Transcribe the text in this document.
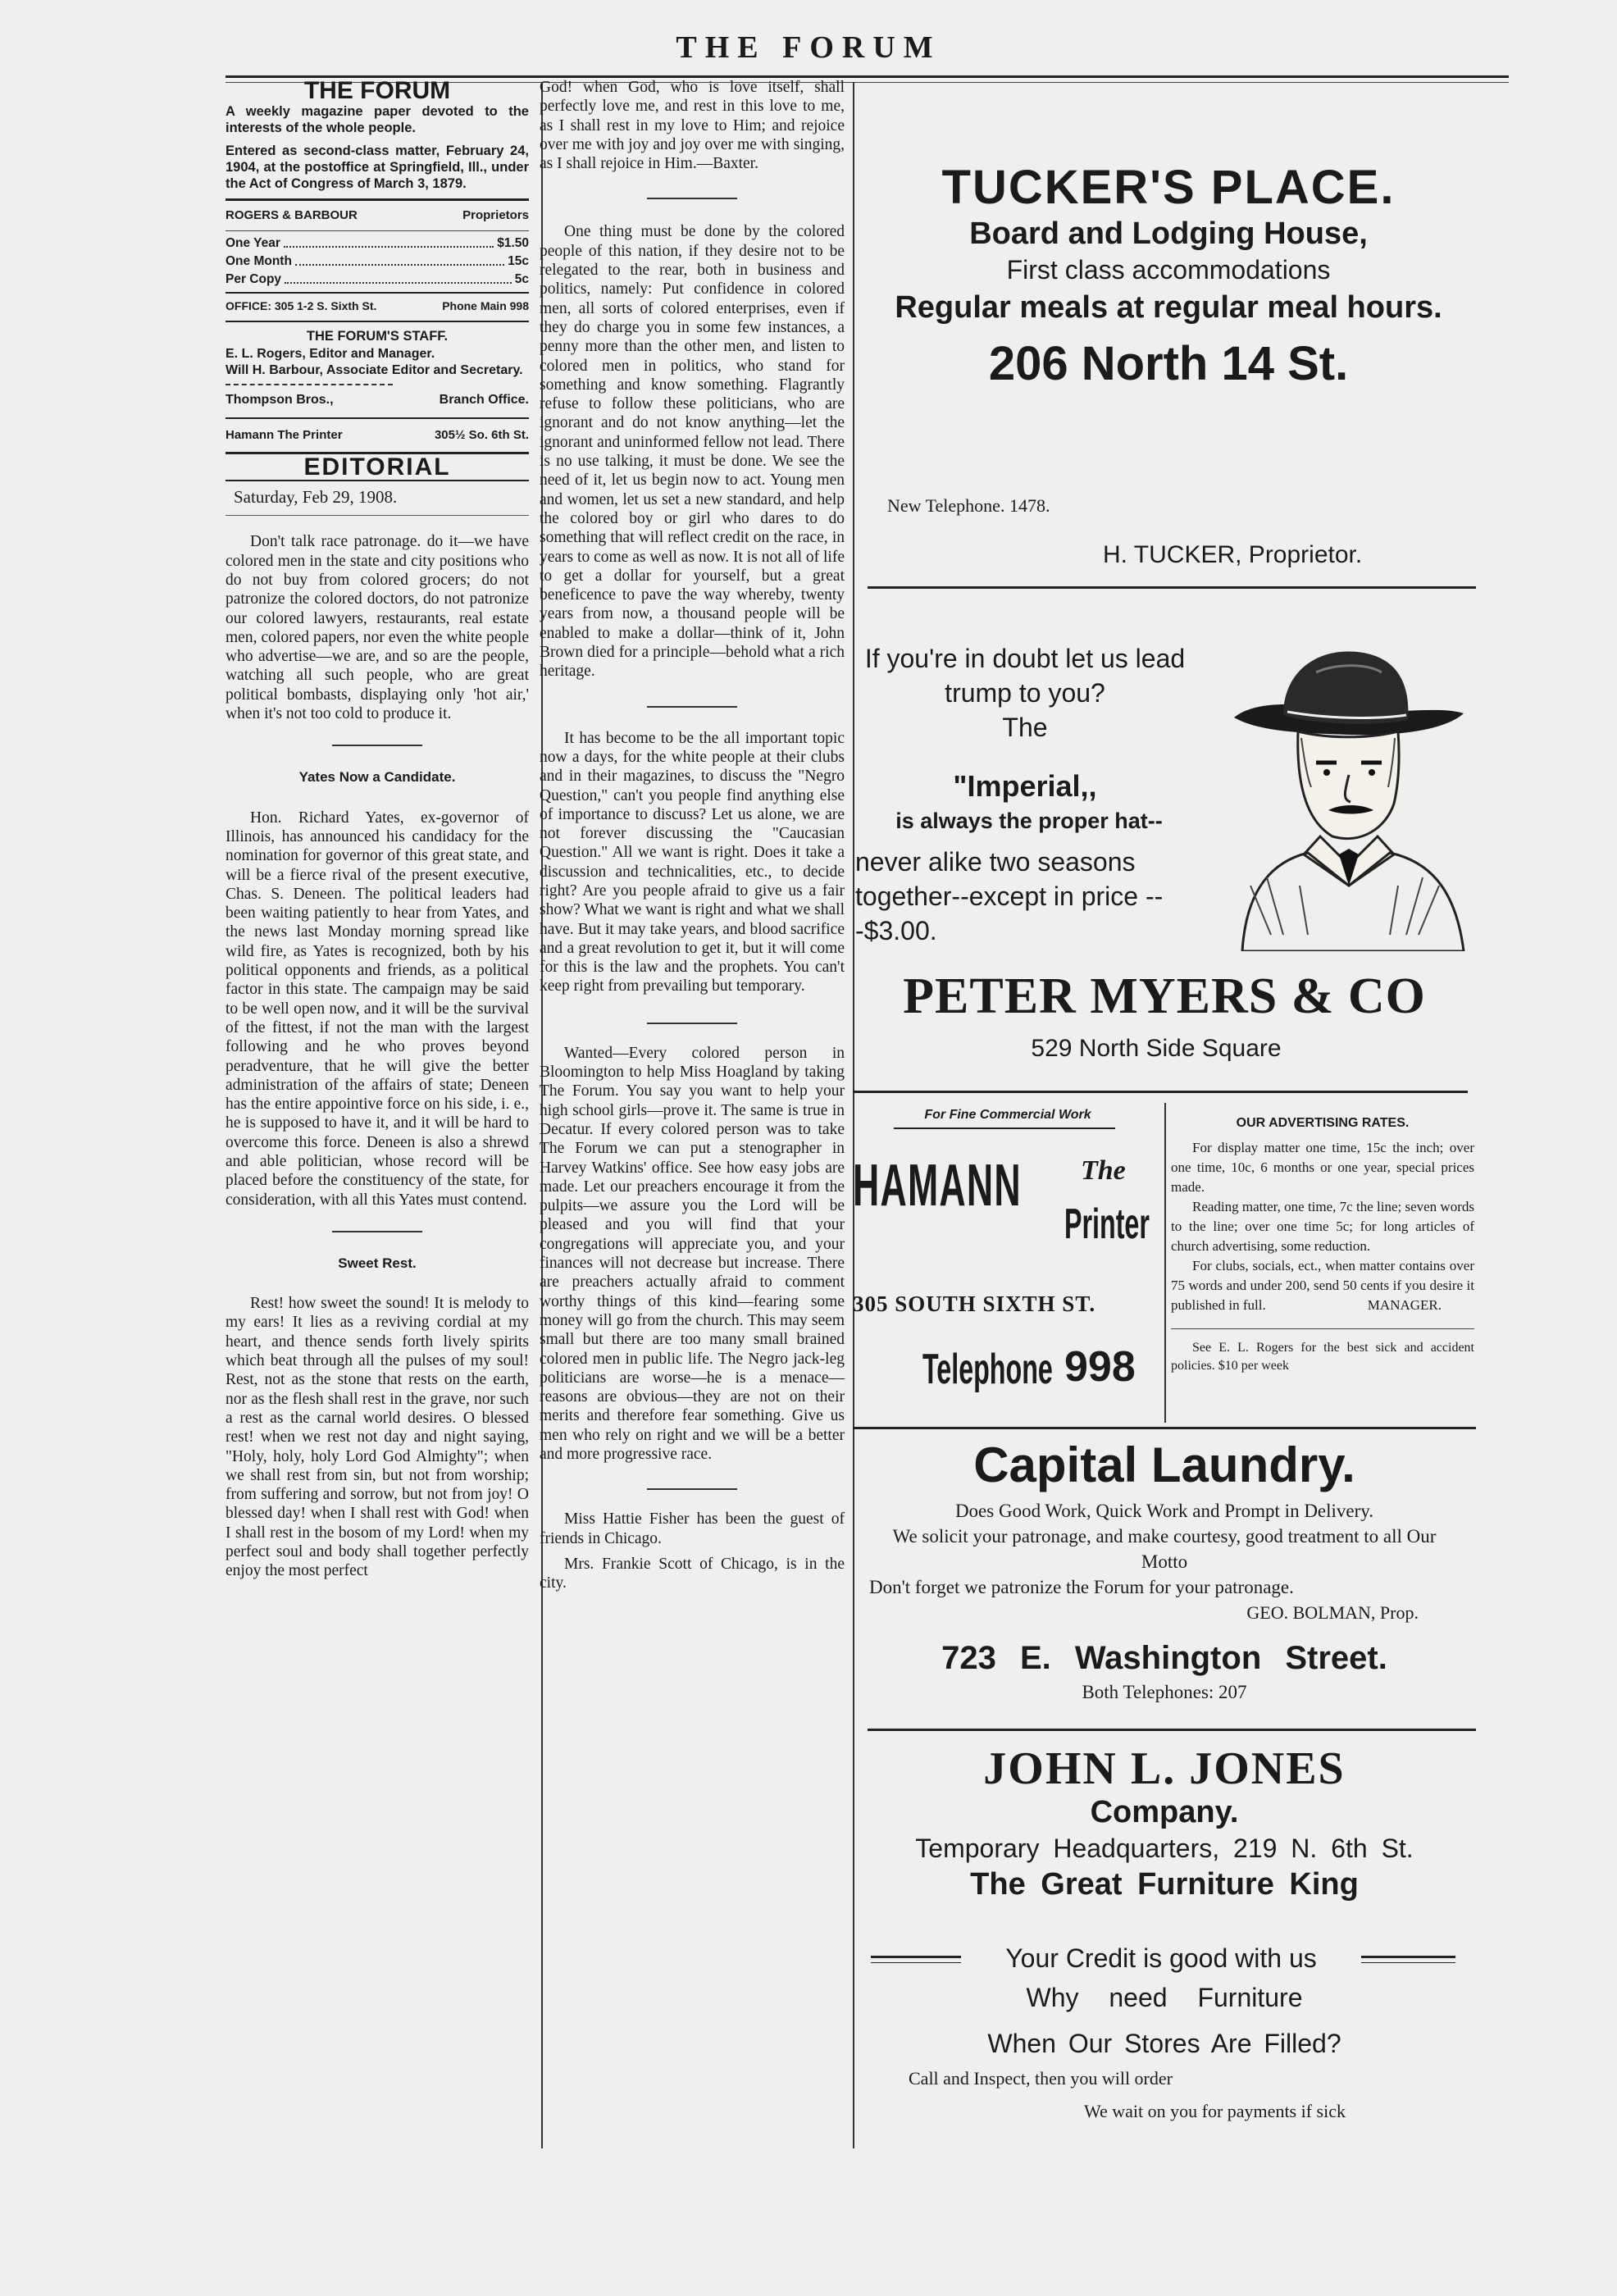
THE FORUM
THE FORUM
A weekly magazine paper devoted to the interests of the whole people.
Entered as second-class matter, February 24, 1904, at the postoffice at Springfield, Ill., under the Act of Congress of March 3, 1879.
ROGERS & BARBOUR	Proprietors
One Year	$1.50
One Month	15c
Per Copy	5c
OFFICE: 305 1-2 S. Sixth St.	Phone Main 998
THE FORUM'S STAFF.
E. L. Rogers, Editor and Manager.
Will H. Barbour, Associate Editor and Secretary.
Thompson Bros.,	Branch Office.
Hamann The Printer	305½ So. 6th St.
EDITORIAL
Saturday, Feb 29, 1908.

Don't talk race patronage. do it—we have colored men in the state and city positions who do not buy from colored grocers; do not patronize the colored doctors, do not patronize our colored lawyers, restaurants, real estate men, colored papers, nor even the white people who advertise—we are, and so are the people, watching all such people, who are great political bombasts, displaying only 'hot air,' when it's not too cold to produce it.

Yates Now a Candidate.

Hon. Richard Yates, ex-governor of Illinois, has announced his candidacy for the nomination for governor of this great state, and will be a fierce rival of the present executive, Chas. S. Deneen. The political leaders had been waiting patiently to hear from Yates, and the news last Monday morning spread like wild fire, as Yates is recognized, both by his political opponents and friends, as a political factor in this state. The campaign may be said to be well open now, and it will be the survival of the fittest, if not the man with the largest following and he who proves beyond peradventure, that he will give the better administration of the affairs of state; Deneen has the entire appointive force on his side, i. e., he is supposed to have it, and it will be hard to overcome this force. Deneen is also a shrewd and able politician, whose record will be placed before the constituency of the state, for consideration, with all this Yates must contend.

Sweet Rest.

Rest! how sweet the sound! It is melody to my ears! It lies as a reviving cordial at my heart, and thence sends forth lively spirits which beat through all the pulses of my soul! Rest, not as the stone that rests on the earth, nor as the flesh shall rest in the grave, nor such a rest as the carnal world desires. O blessed rest! when we rest not day and night saying, "Holy, holy, holy Lord God Almighty"; when we shall rest from sin, but not from worship; from suffering and sorrow, but not from joy! O blessed day! when I shall rest with God! when I shall rest in the bosom of my Lord! when my perfect soul and body shall together perfectly enjoy the most perfect

God! when God, who is love itself, shall perfectly love me, and rest in this love to me, as I shall rest in my love to Him; and rejoice over me with joy and joy over me with singing, as I shall rejoice in Him.—Baxter.

One thing must be done by the colored people of this nation, if they desire not to be relegated to the rear, both in business and politics, namely: Put confidence in colored men, all sorts of colored enterprises, even if they do charge you in some few instances, a penny more than the other men, and listen to colored men in politics, who stand for something and know something. Flagrantly refuse to follow these politicians, who are ignorant and do not know anything—let the ignorant and uninformed fellow not lead. There is no use talking, it must be done. We see the need of it, let us begin now to act. Young men and women, let us set a new standard, and help the colored boy or girl who dares to do something that will reflect credit on the race, in years to come as well as now. It is not all of life to get a dollar for yourself, but a great beneficence to pave the way whereby, twenty years from now, a thousand people will be enabled to make a dollar—think of it, John Brown died for a principle—behold what a rich heritage.

It has become to be the all important topic now a days, for the white people at their clubs and in their magazines, to discuss the "Negro Question," can't you people find anything else of importance to discuss? Let us alone, we are not forever discussing the "Caucasian Question." All we want is right. Does it take a discussion and technicalities, etc., to decide right? Are you people afraid to give us a fair show? What we want is right and what we shall have. But it may take years, and blood sacrifice and a great revolution to get it, but it will come for this is the law and the prophets. You can't keep right from prevailing but temporary.

Wanted—Every colored person in Bloomington to help Miss Hoagland by taking The Forum. You say you want to help your high school girls—prove it. The same is true in Decatur. If every colored person was to take The Forum we can put a stenographer in Harvey Watkins' office. See how easy jobs are made. Let our preachers encourage it from the pulpits—we assure you the Lord will be pleased and you will find that your congregations will appreciate you, and your finances will not decrease but increase. There are preachers actually afraid to comment worthy things of this kind—fearing some money will go from the church. This may seem small but there are too many small brained colored men in public life. The Negro jack-leg politicians are worse—he is a menace—reasons are obvious—they are not on their merits and therefore fear something. Give us men who rely on right and we will be a better and more progressive race.

Miss Hattie Fisher has been the guest of friends in Chicago.

Mrs. Frankie Scott of Chicago, is in the city.

TUCKER'S PLACE.
Board and Lodging House,
First class accommodations
Regular meals at regular meal hours.
206 North 14 St.
New Telephone. 1478.
H. TUCKER, Proprietor.
If you're in doubt let us lead trump to you?
The
"Imperial,,
is always the proper hat--
never alike two seasons together--except in price ---$3.00.
PETER MYERS & CO
529 North Side Square
For Fine Commercial Work
HAMANN The
Printer
305 SOUTH SIXTH ST.
Telephone 998
OUR ADVERTISING RATES.
For display matter one time, 15c the inch; over one time, 10c, 6 months or one year, special prices made.
Reading matter, one time, 7c the line; seven words to the line; over one time 5c; for long articles of church advertising, some reduction.
For clubs, socials, ect., when matter contains over 75 words and under 200, send 50 cents if you desire it published in full.	MANAGER.
See E. L. Rogers for the best sick and accident policies. $10 per week
Capital Laundry.
Does Good Work, Quick Work and Prompt in Delivery.
We solicit your patronage, and make courtesy, good treatment to all Our Motto
Don't forget we patronize the Forum for your patronage.
GEO. BOLMAN, Prop.
723 E. Washington Street.
Both Telephones: 207
JOHN L. JONES
Company.
Temporary Headquarters, 219 N. 6th St.
The Great Furniture King
Your Credit is good with us
Why need Furniture
When Our Stores Are Filled?
Call and Inspect, then you will order
We wait on you for payments if sick
